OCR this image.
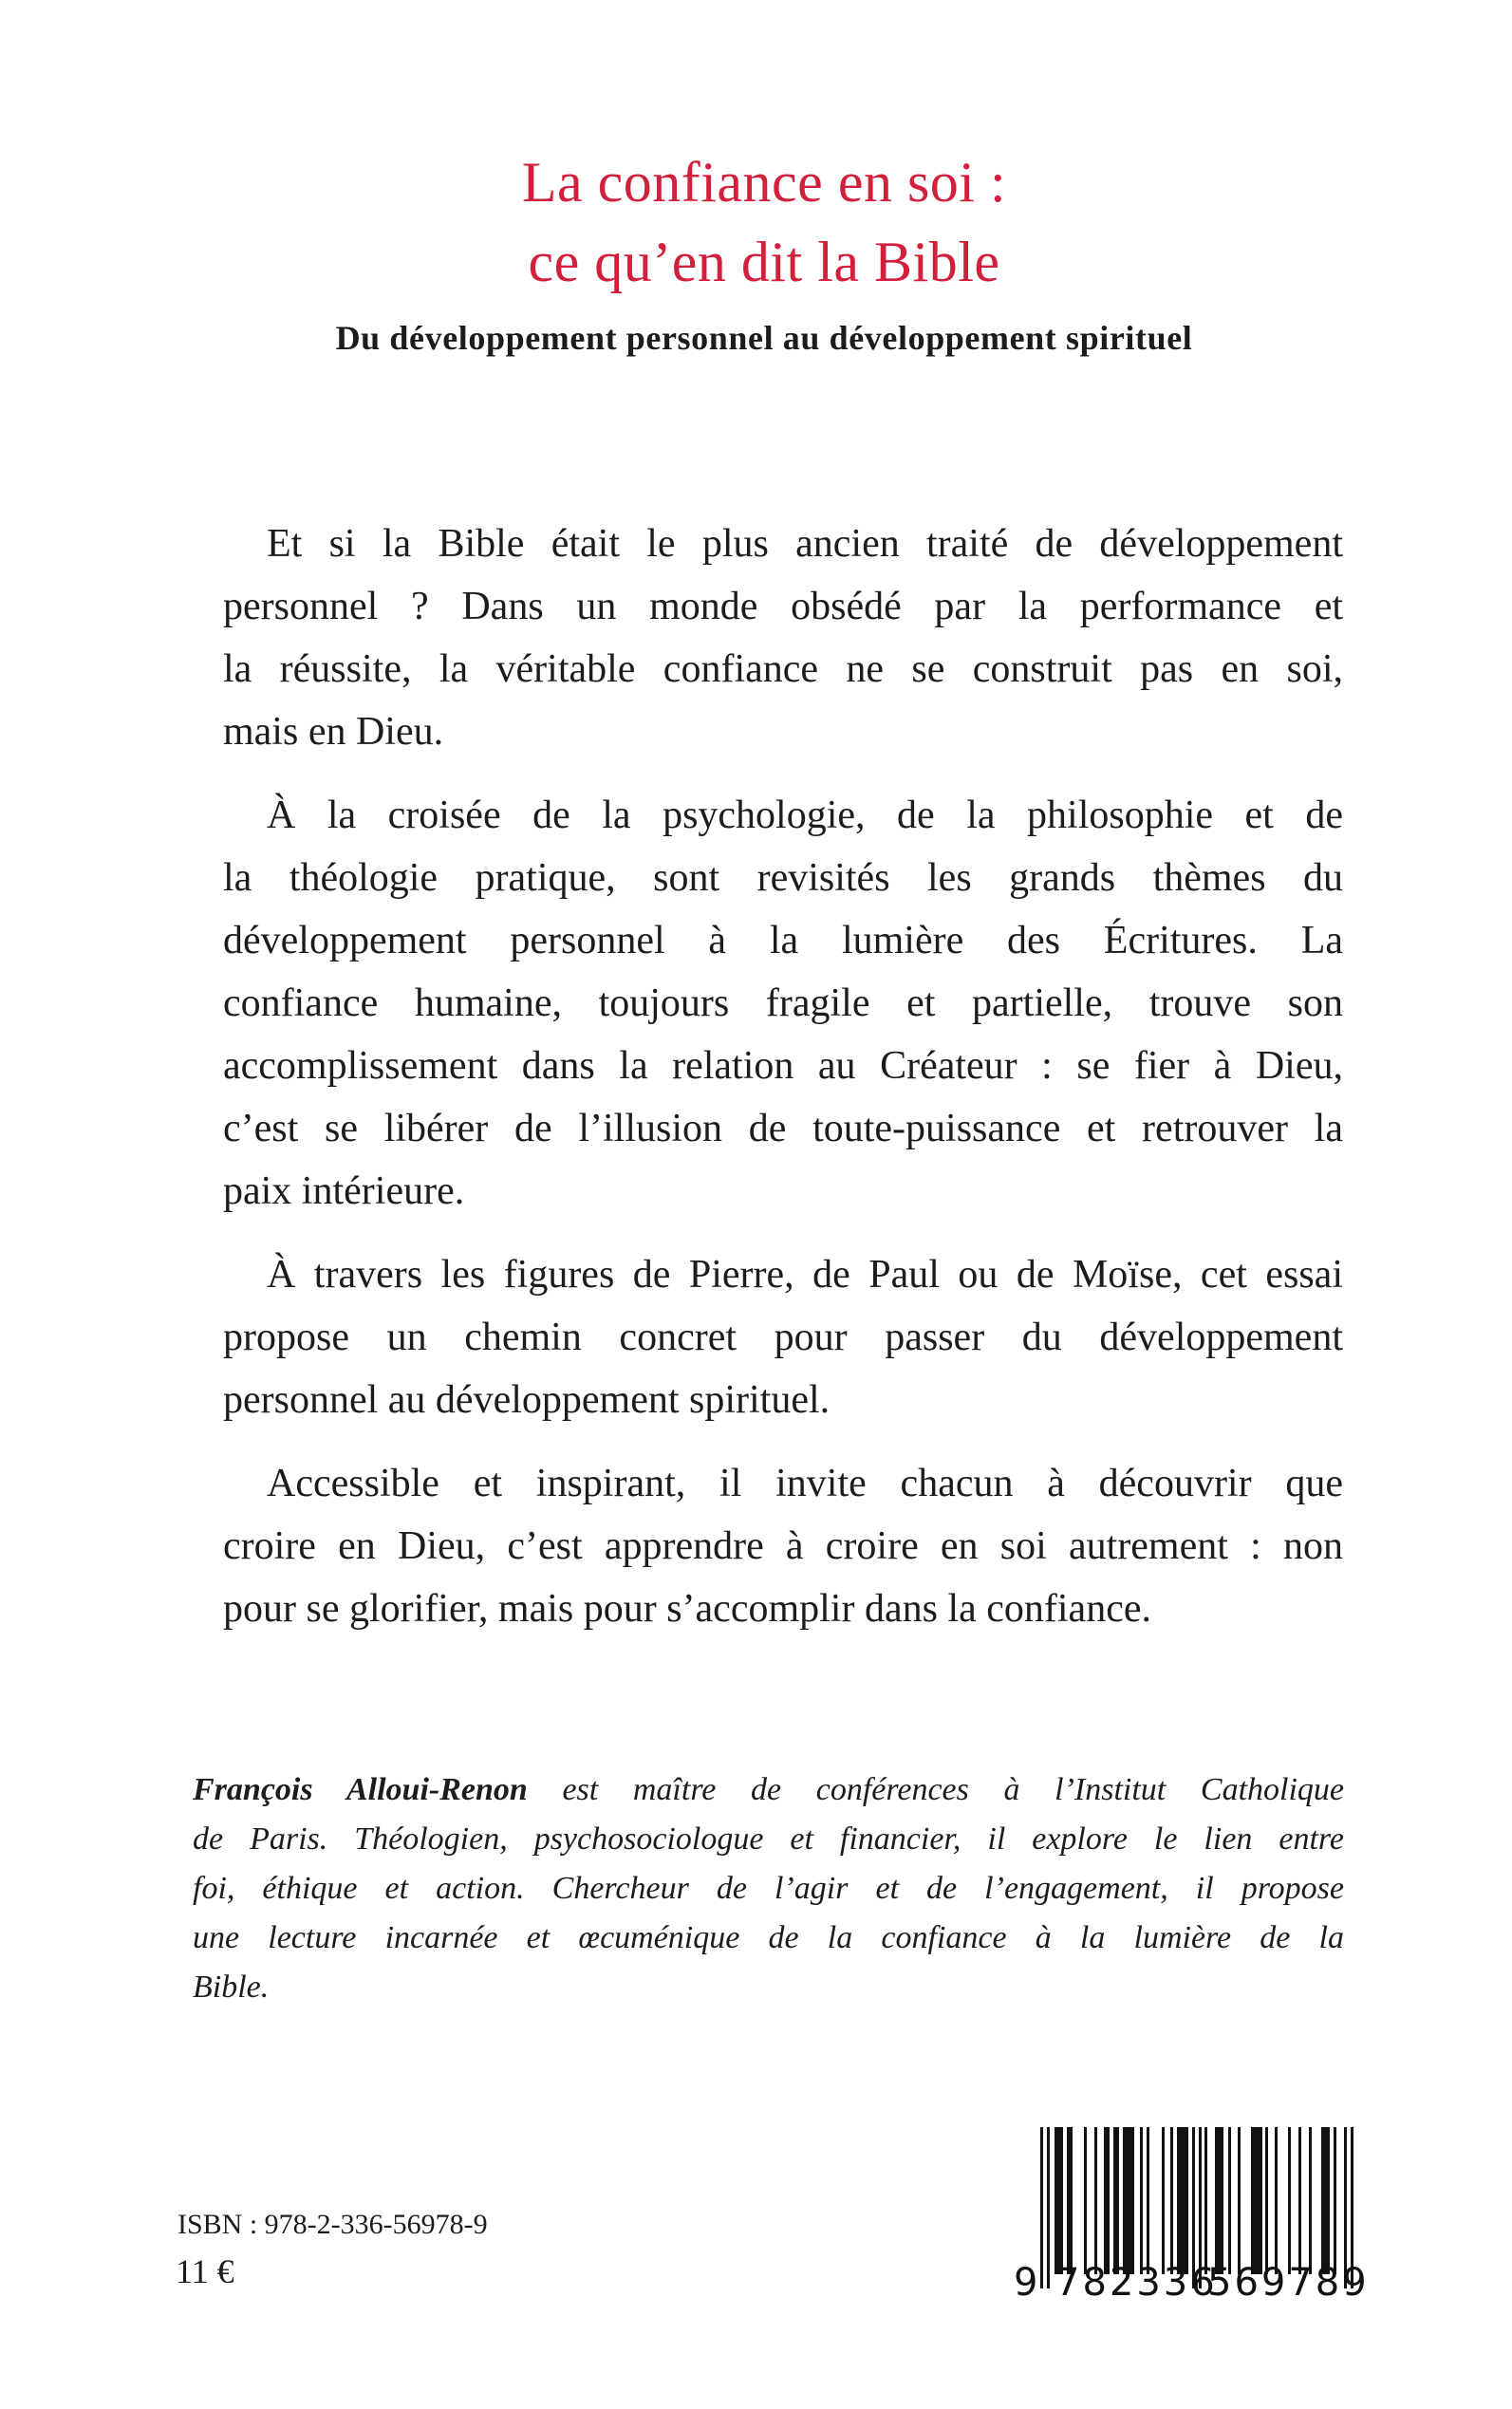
La confiance en soi :
ce qu’en dit la Bible
Du développement personnel au développement spirituel

Et si la Bible était le plus ancien traité de développement
personnel ? Dans un monde obsédé par la performance et
la réussite, la véritable confiance ne se construit pas en soi,
mais en Dieu.

À la croisée de la psychologie, de la philosophie et de
la théologie pratique, sont revisités les grands thèmes du
développement personnel à la lumière des Écritures. La
confiance humaine, toujours fragile et partielle, trouve son
accomplissement dans la relation au Créateur : se fier à Dieu,
c’est se libérer de l’illusion de toute-puissance et retrouver la
paix intérieure.

À travers les figures de Pierre, de Paul ou de Moïse, cet essai
propose un chemin concret pour passer du développement
personnel au développement spirituel.

Accessible et inspirant, il invite chacun à découvrir que
croire en Dieu, c’est apprendre à croire en soi autrement : non
pour se glorifier, mais pour s’accomplir dans la confiance.

François Alloui-Renon est maître de conférences à l’Institut Catholique
de Paris. Théologien, psychosociologue et financier, il explore le lien entre
foi, éthique et action. Chercheur de l’agir et de l’engagement, il propose
une lecture incarnée et œcuménique de la confiance à la lumière de la
Bible.
ISBN : 978-2-336-56978-9
11 €	9 782336
569789
